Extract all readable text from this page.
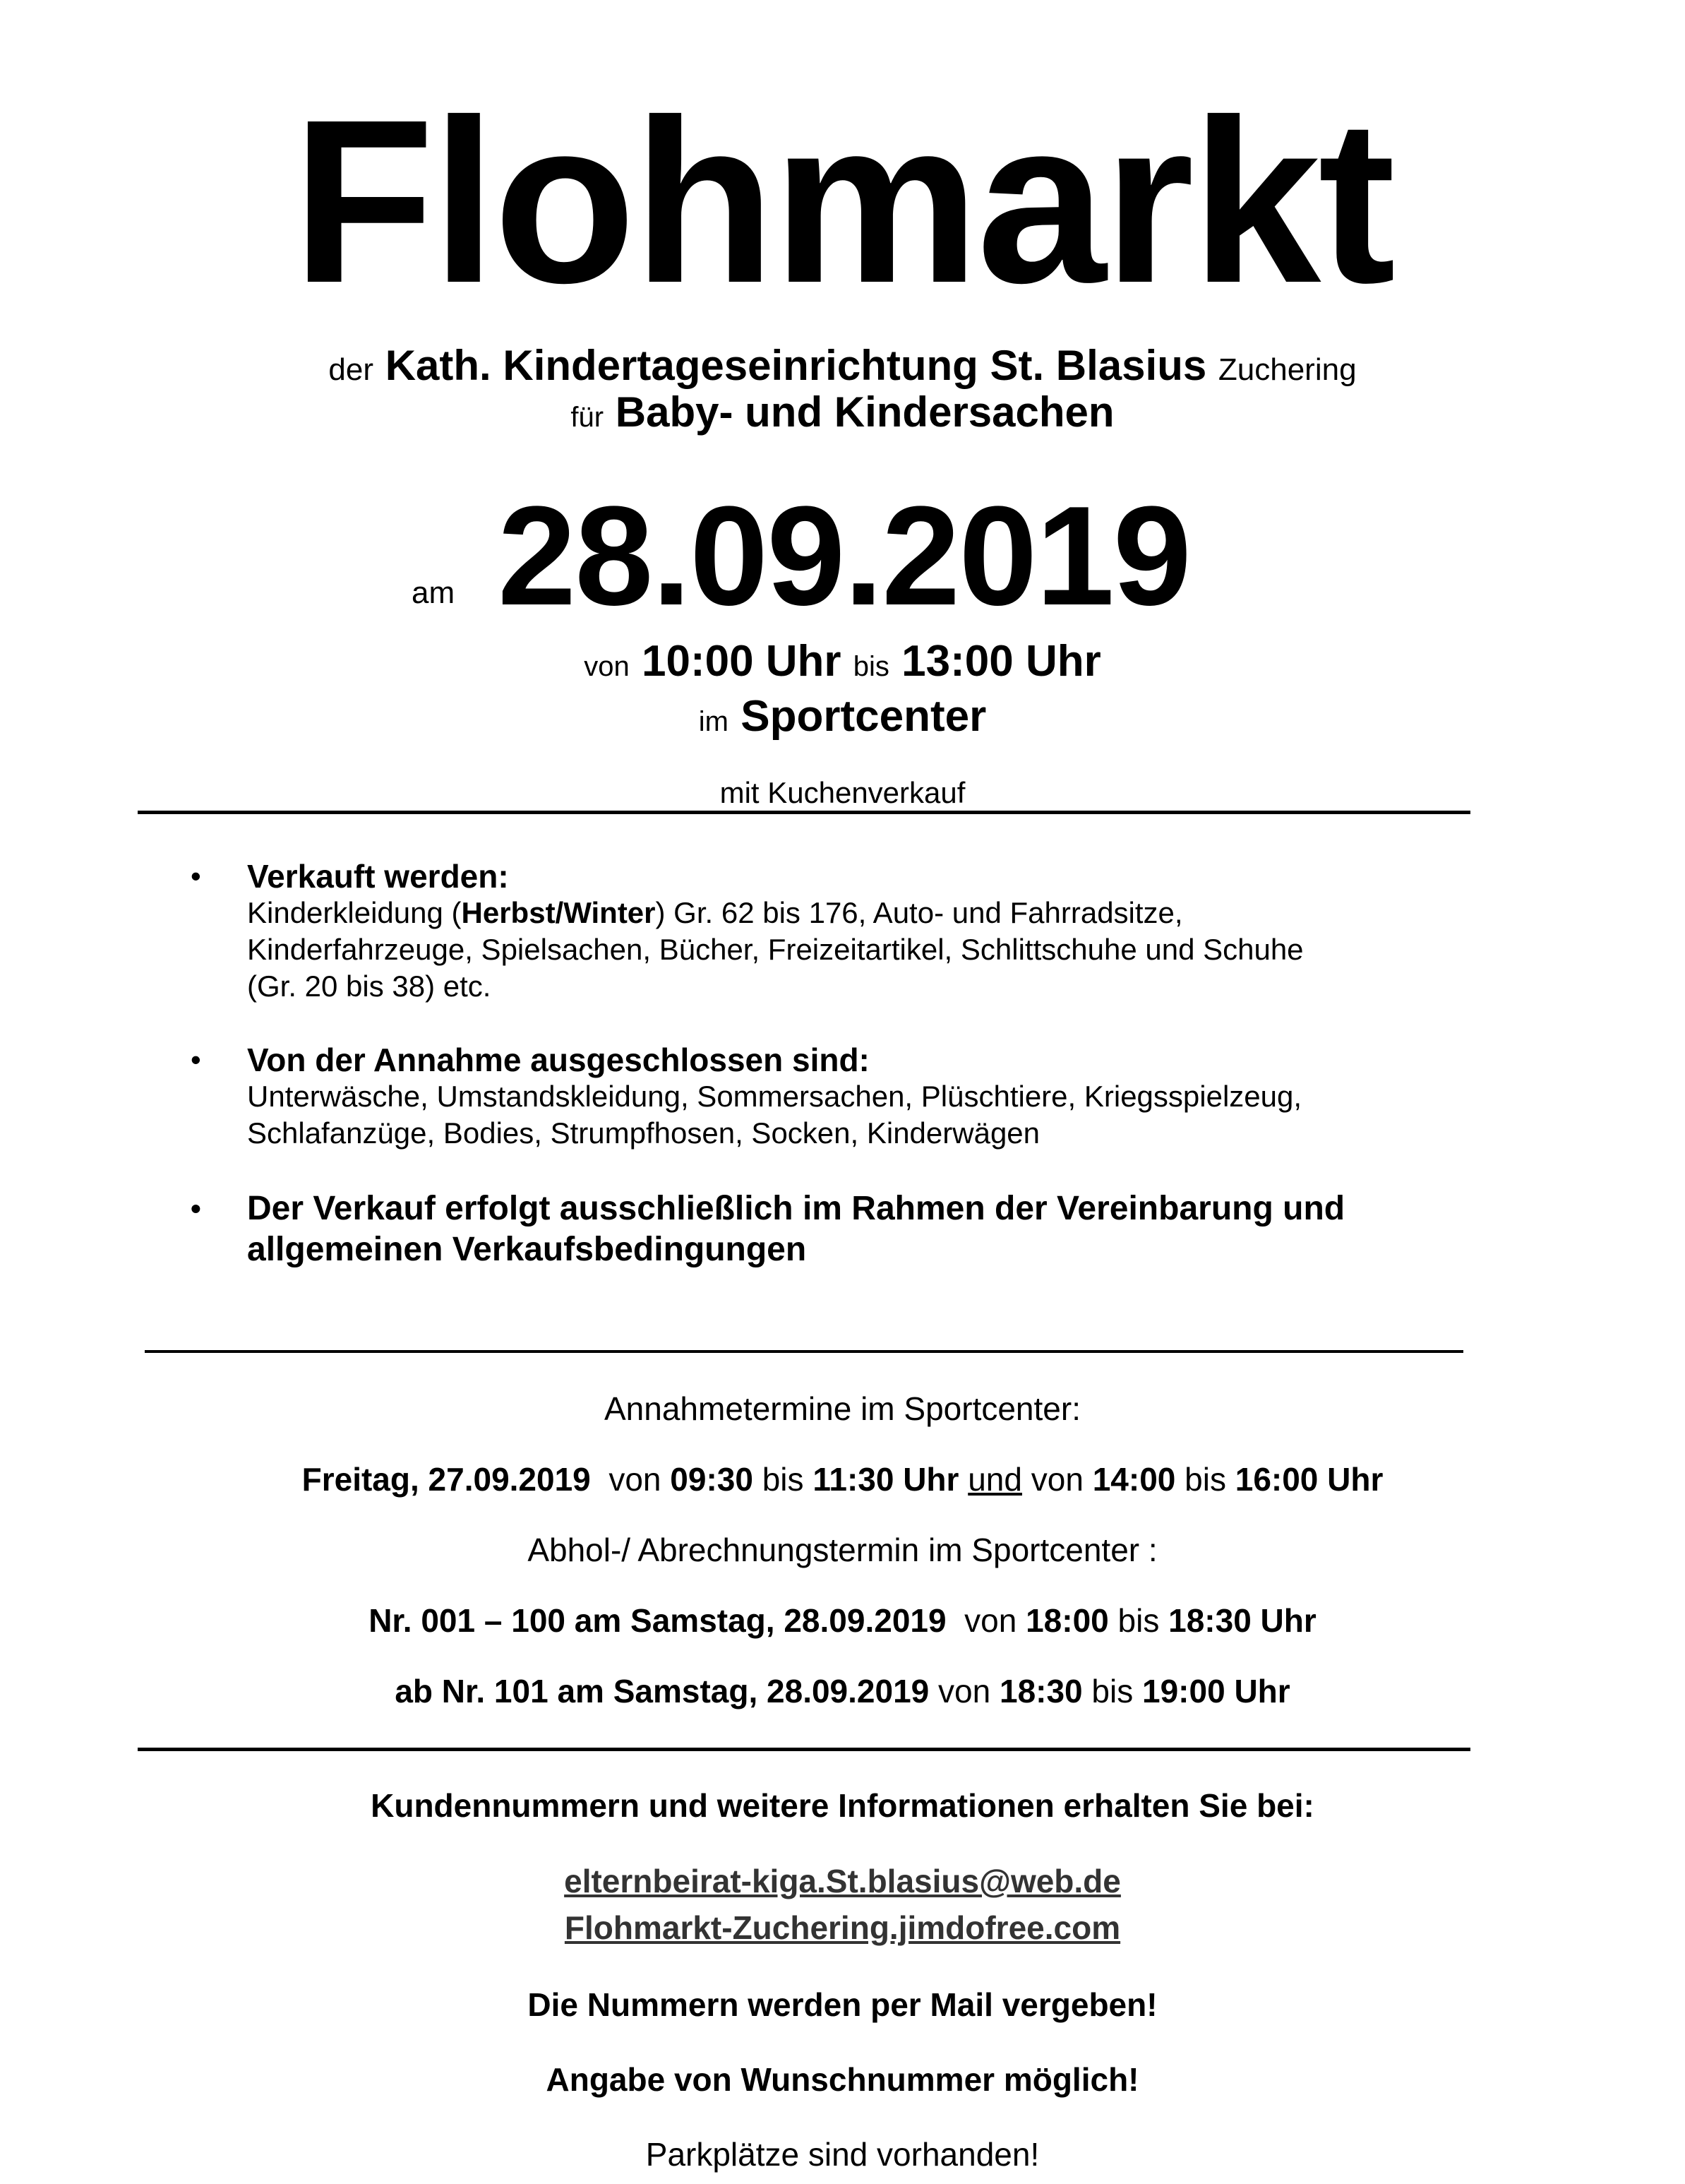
Flohmarkt
der Kath. Kindertageseinrichtung St. Blasius Zuchering
für Baby- und Kindersachen
am 28.09.2019
von 10:00 Uhr bis 13:00 Uhr
im Sportcenter
mit Kuchenverkauf
• Verkauft werden:
Kinderkleidung (Herbst/Winter) Gr. 62 bis 176, Auto- und Fahrradsitze,
Kinderfahrzeuge, Spielsachen, Bücher, Freizeitartikel, Schlittschuhe und Schuhe
(Gr. 20 bis 38) etc.
• Von der Annahme ausgeschlossen sind:
Unterwäsche, Umstandskleidung, Sommersachen, Plüschtiere, Kriegsspielzeug,
Schlafanzüge, Bodies, Strumpfhosen, Socken, Kinderwägen
• Der Verkauf erfolgt ausschließlich im Rahmen der Vereinbarung und
allgemeinen Verkaufsbedingungen
Annahmetermine im Sportcenter:
Freitag, 27.09.2019 von 09:30 bis 11:30 Uhr und von 14:00 bis 16:00 Uhr
Abhol-/ Abrechnungstermin im Sportcenter :
Nr. 001 – 100 am Samstag, 28.09.2019 von 18:00 bis 18:30 Uhr
ab Nr. 101 am Samstag, 28.09.2019 von 18:30 bis 19:00 Uhr
Kundennummern und weitere Informationen erhalten Sie bei:
elternbeirat-kiga.St.blasius@web.de
Flohmarkt-Zuchering.jimdofree.com
Die Nummern werden per Mail vergeben!
Angabe von Wunschnummer möglich!
Parkplätze sind vorhanden!
